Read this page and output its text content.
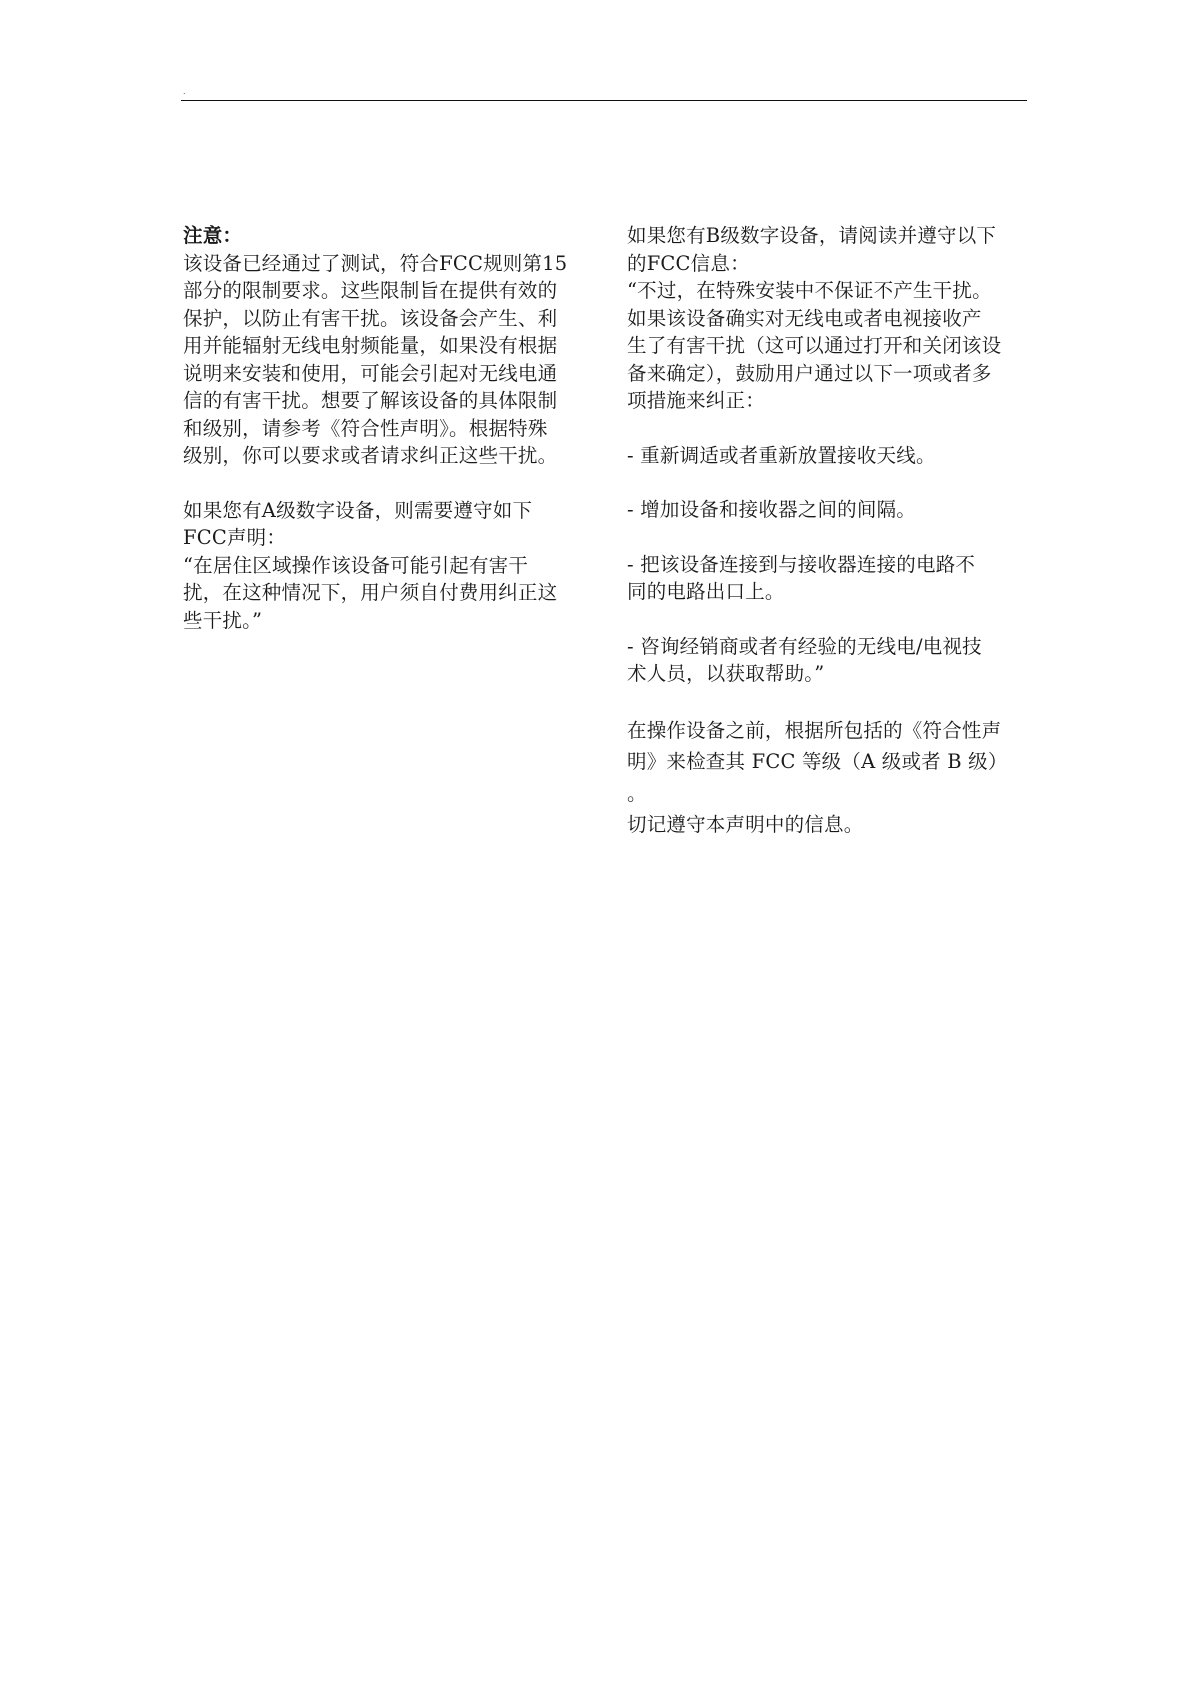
.

注意：

该设备已经通过了测试，符合FCC规则第15
部分的限制要求。这些限制旨在提供有效的
保护，以防止有害干扰。该设备会产生、利
用并能辐射无线电射频能量，如果没有根据
说明来安装和使用，可能会引起对无线电通
信的有害干扰。想要了解该设备的具体限制
和级别，请参考《符合性声明》。根据特殊
级别，你可以要求或者请求纠正这些干扰。

如果您有A级数字设备，则需要遵守如下
FCC声明：
“在居住区域操作该设备可能引起有害干
扰，在这种情况下，用户须自付费用纠正这
些干扰。”

如果您有B级数字设备，请阅读并遵守以下
的FCC信息：
“不过，在特殊安装中不保证不产生干扰。
如果该设备确实对无线电或者电视接收产
生了有害干扰（这可以通过打开和关闭该设
备来确定），鼓励用户通过以下一项或者多
项措施来纠正：

- 重新调适或者重新放置接收天线。

- 增加设备和接收器之间的间隔。

- 把该设备连接到与接收器连接的电路不
同的电路出口上。

- 咨询经销商或者有经验的无线电/电视技
术人员，以获取帮助。”

在操作设备之前，根据所包括的《符合性声
明》来检查其 FCC 等级（A 级或者 B 级） 。
切记遵守本声明中的信息。
